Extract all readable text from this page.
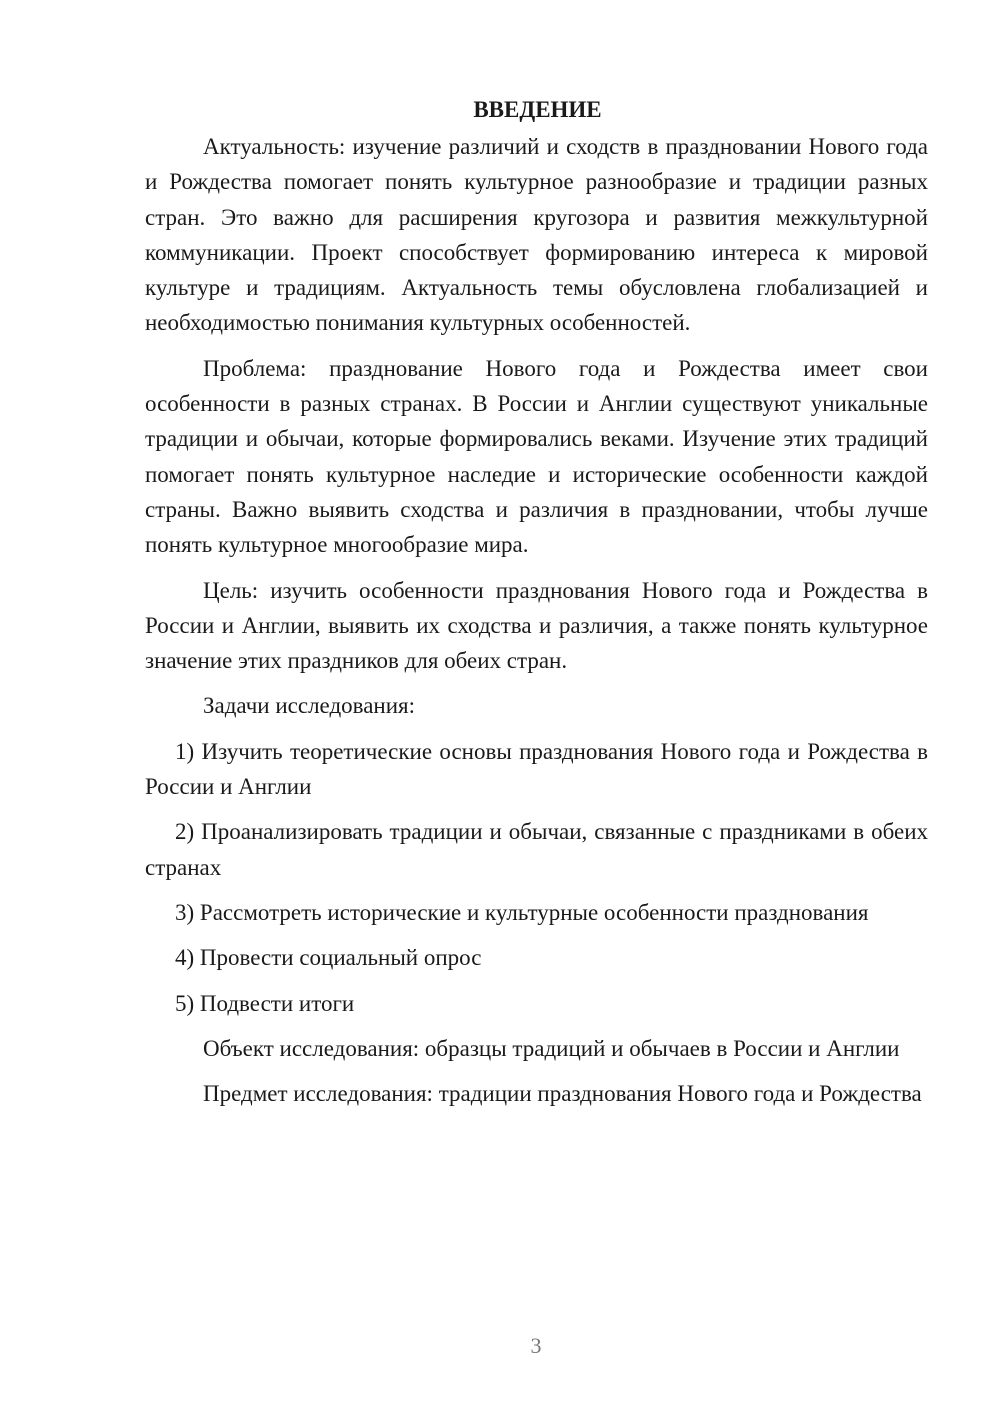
ВВЕДЕНИЕ

Актуальность: изучение различий и сходств в праздновании Нового года и Рождества помогает понять культурное разнообразие и традиции разных стран. Это важно для расширения кругозора и развития межкультурной коммуникации. Проект способствует формированию интереса к мировой культуре и традициям. Актуальность темы обусловлена глобализацией и необходимостью понимания культурных особенностей.

Проблема: празднование Нового года и Рождества имеет свои особенности в разных странах. В России и Англии существуют уникальные традиции и обычаи, которые формировались веками. Изучение этих традиций помогает понять культурное наследие и исторические особенности каждой страны. Важно выявить сходства и различия в праздновании, чтобы лучше понять культурное многообразие мира.

Цель: изучить особенности празднования Нового года и Рождества в России и Англии, выявить их сходства и различия, а также понять культурное значение этих праздников для обеих стран.

Задачи исследования:

1) Изучить теоретические основы празднования Нового года и Рождества в России и Англии

2) Проанализировать традиции и обычаи, связанные с праздниками в обеих странах

3) Рассмотреть исторические и культурные особенности празднования

4) Провести социальный опрос

5) Подвести итоги

Объект исследования: образцы традиций и обычаев в России и Англии

Предмет исследования: традиции празднования Нового года и Рождества

3
